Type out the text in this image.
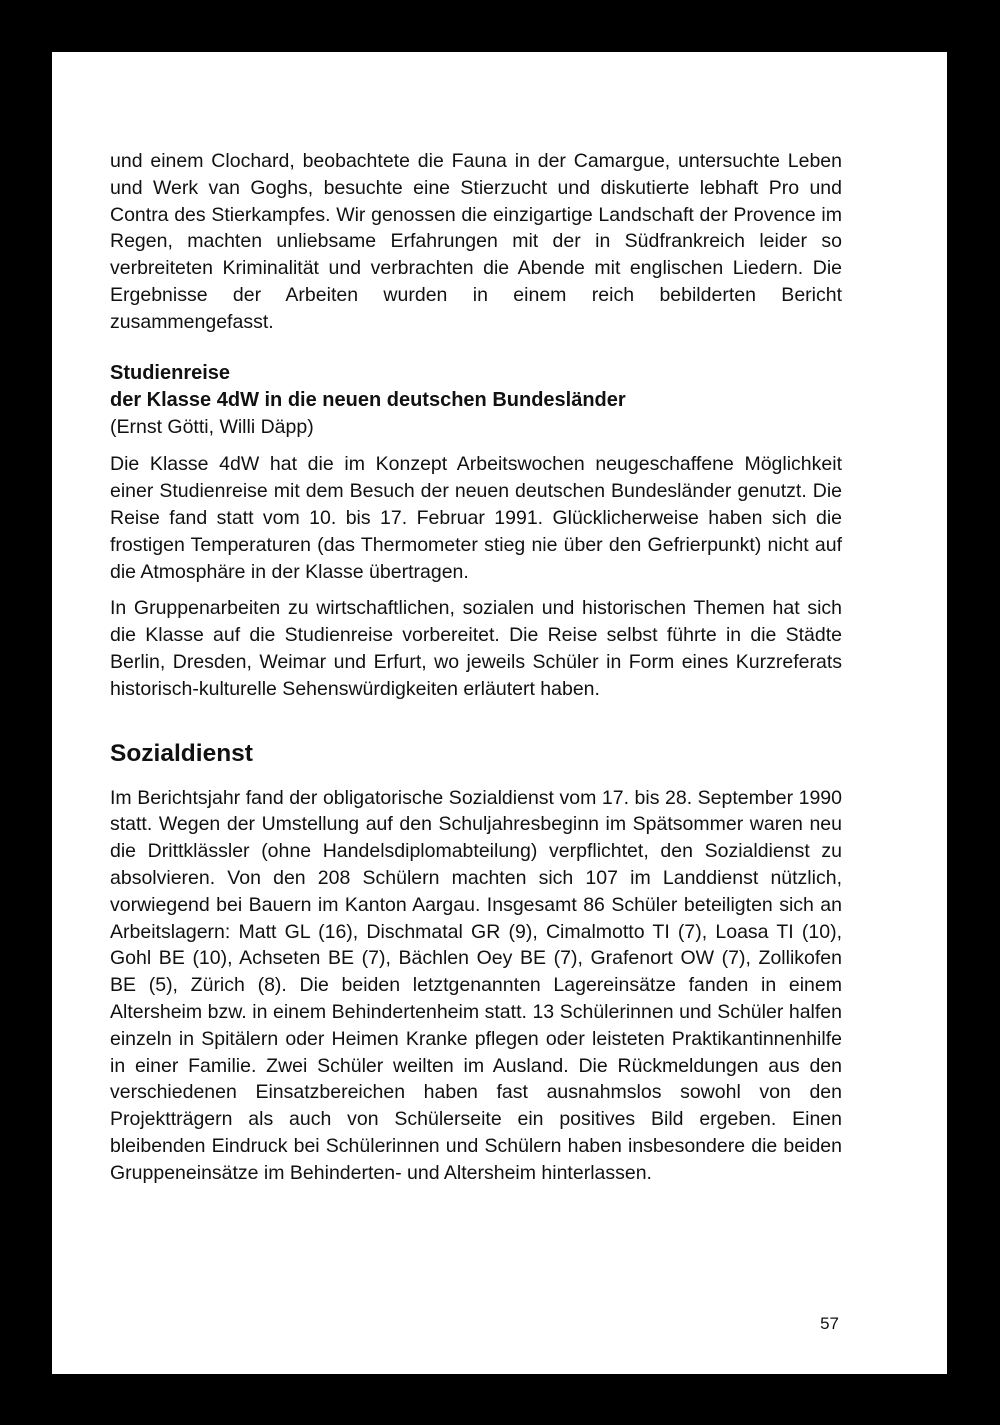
und einem Clochard, beobachtete die Fauna in der Camargue, untersuchte Leben und Werk van Goghs, besuchte eine Stierzucht und diskutierte lebhaft Pro und Contra des Stierkampfes. Wir genossen die einzigartige Landschaft der Provence im Regen, machten unliebsame Erfahrungen mit der in Südfrankreich leider so verbreiteten Kriminalität und verbrachten die Abende mit englischen Liedern. Die Ergebnisse der Arbeiten wurden in einem reich bebilderten Bericht zusammengefasst.

Studienreise

der Klasse 4dW in die neuen deutschen Bundesländer

(Ernst Götti, Willi Däpp)

Die Klasse 4dW hat die im Konzept Arbeitswochen neugeschaffene Möglichkeit einer Studienreise mit dem Besuch der neuen deutschen Bundesländer genutzt. Die Reise fand statt vom 10. bis 17. Februar 1991. Glücklicherweise haben sich die frostigen Temperaturen (das Thermometer stieg nie über den Gefrierpunkt) nicht auf die Atmosphäre in der Klasse übertragen.

In Gruppenarbeiten zu wirtschaftlichen, sozialen und historischen Themen hat sich die Klasse auf die Studienreise vorbereitet. Die Reise selbst führte in die Städte Berlin, Dresden, Weimar und Erfurt, wo jeweils Schüler in Form eines Kurzreferats historisch-kulturelle Sehenswürdigkeiten erläutert haben.

Sozialdienst

Im Berichtsjahr fand der obligatorische Sozialdienst vom 17. bis 28. September 1990 statt. Wegen der Umstellung auf den Schuljahresbeginn im Spätsommer waren neu die Drittklässler (ohne Handelsdiplomabteilung) verpflichtet, den Sozialdienst zu absolvieren. Von den 208 Schülern machten sich 107 im Landdienst nützlich, vorwiegend bei Bauern im Kanton Aargau. Insgesamt 86 Schüler beteiligten sich an Arbeitslagern: Matt GL (16), Dischmatal GR (9), Cimalmotto TI (7), Loasa TI (10), Gohl BE (10), Achseten BE (7), Bächlen Oey BE (7), Grafenort OW (7), Zollikofen BE (5), Zürich (8). Die beiden letztgenannten Lagereinsätze fanden in einem Altersheim bzw. in einem Behindertenheim statt. 13 Schülerinnen und Schüler halfen einzeln in Spitälern oder Heimen Kranke pflegen oder leisteten Praktikantinnenhilfe in einer Familie. Zwei Schüler weilten im Ausland. Die Rückmeldungen aus den verschiedenen Einsatzbereichen haben fast ausnahmslos sowohl von den Projektträgern als auch von Schülerseite ein positives Bild ergeben. Einen bleibenden Eindruck bei Schülerinnen und Schülern haben insbesondere die beiden Gruppeneinsätze im Behinderten- und Altersheim hinterlassen.

57
